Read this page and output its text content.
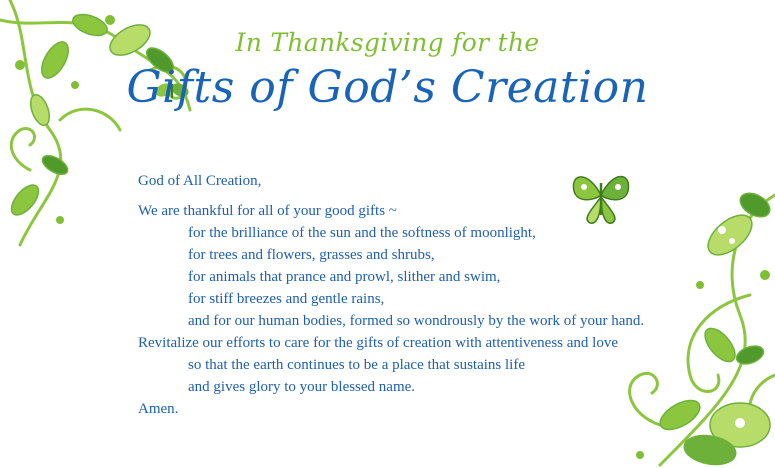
In Thanksgiving for the
Gifts of God’s Creation
God of All Creation,
We are thankful for all of your good gifts ~
for the brilliance of the sun and the softness of moonlight,
for trees and flowers, grasses and shrubs,
for animals that prance and prowl, slither and swim,
for stiff breezes and gentle rains,
and for our human bodies, formed so wondrously by the work of your hand.
Revitalize our efforts to care for the gifts of creation with attentiveness and love
so that the earth continues to be a place that sustains life
and gives glory to your blessed name.
Amen.
